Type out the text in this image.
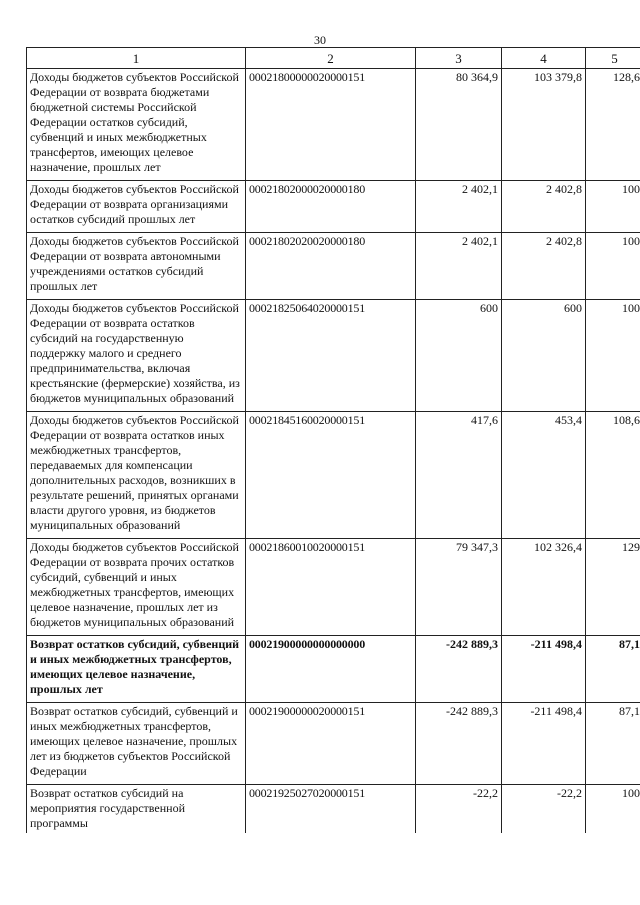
30
1	2	3	4	5
Доходы бюджетов субъектов Российской Федерации от возврата бюджетами бюджетной системы Российской Федерации остатков субсидий, субвенций и иных межбюджетных трансфертов, имеющих целевое назначение, прошлых лет	00021800000020000151	80 364,9	103 379,8	128,6
Доходы бюджетов субъектов Российской Федерации от возврата организациями остатков субсидий прошлых лет	00021802000020000180	2 402,1	2 402,8	100
Доходы бюджетов субъектов Российской Федерации от возврата автономными учреждениями остатков субсидий прошлых лет	00021802020020000180	2 402,1	2 402,8	100
Доходы бюджетов субъектов Российской Федерации от возврата остатков субсидий на государственную поддержку малого и среднего предпринимательства, включая крестьянские (фермерские) хозяйства, из бюджетов муниципальных образований	00021825064020000151	600	600	100
Доходы бюджетов субъектов Российской Федерации от возврата остатков иных межбюджетных трансфертов, передаваемых для компенсации дополнительных расходов, возникших в результате решений, принятых органами власти другого уровня, из бюджетов муниципальных образований	00021845160020000151	417,6	453,4	108,6
Доходы бюджетов субъектов Российской Федерации от возврата прочих остатков субсидий, субвенций и иных межбюджетных трансфертов, имеющих целевое назначение, прошлых лет из бюджетов муниципальных образований	00021860010020000151	79 347,3	102 326,4	129
Возврат остатков субсидий, субвенций и иных межбюджетных трансфертов, имеющих целевое назначение, прошлых лет	00021900000000000000	-242 889,3	-211 498,4	87,1
Возврат остатков субсидий, субвенций и иных межбюджетных трансфертов, имеющих целевое назначение, прошлых лет из бюджетов субъектов Российской Федерации	00021900000020000151	-242 889,3	-211 498,4	87,1
Возврат остатков субсидий на мероприятия государственной программы	00021925027020000151	-22,2	-22,2	100
